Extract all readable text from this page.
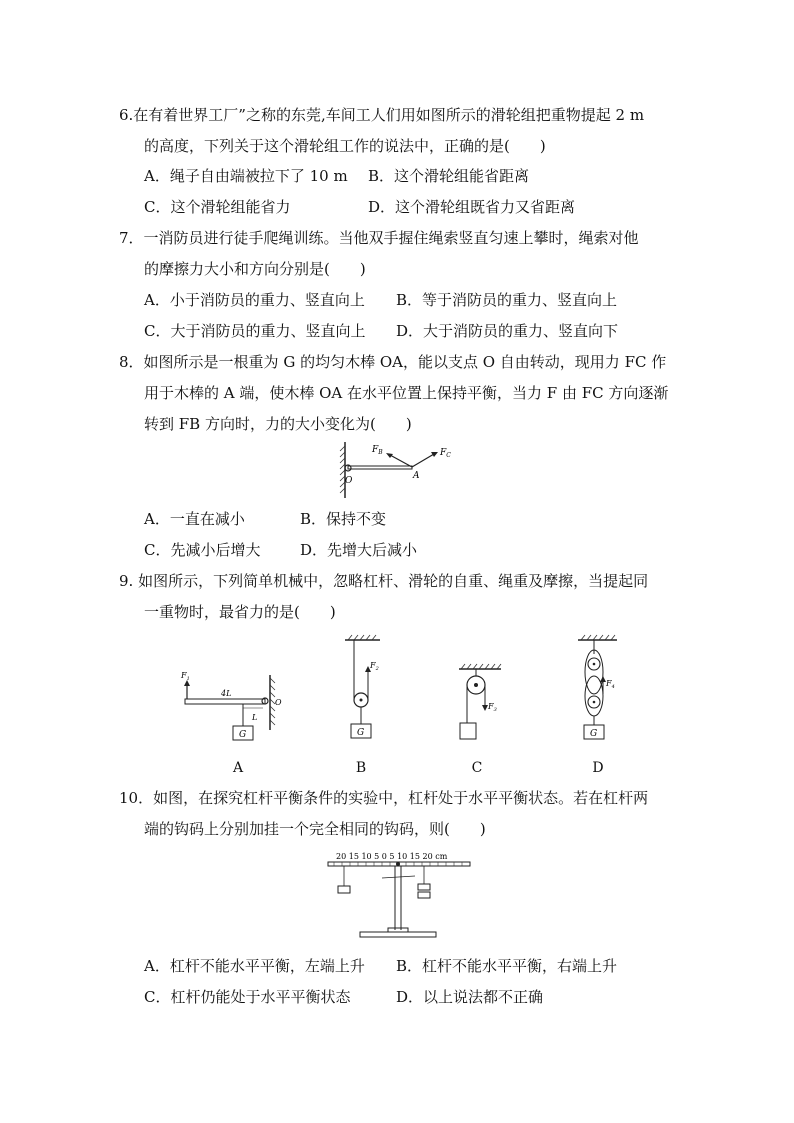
6.在有着世界工厂”之称的东莞,车间工人们用如图所示的滑轮组把重物提起 2 m
的高度，下列关于这个滑轮组工作的说法中，正确的是(　　)
A．绳子自由端被拉下了 10 m B．这个滑轮组能省距离
C．这个滑轮组能省力	D．这个滑轮组既省力又省距离
7．一消防员进行徒手爬绳训练。当他双手握住绳索竖直匀速上攀时，绳索对他
的摩擦力大小和方向分别是(　　)
A．小于消防员的重力、竖直向上 B．等于消防员的重力、竖直向上
C．大于消防员的重力、竖直向上 D．大于消防员的重力、竖直向下
8．如图所示是一根重为 G 的均匀木棒 OA，能以支点 O 自由转动，现用力 FC 作
用于木棒的 A 端，使木棒 OA 在水平位置上保持平衡，当力 F 由 FC 方向逐渐
转到 FB 方向时，力的大小变化为(　　)
$F_B$	$F_C$
O	A
A．一直在减小	B．保持不变
C．先减小后增大	D．先增大后减小
9. 如图所示，下列简单机械中，忽略杠杆、滑轮的自重、绳重及摩擦，当提起同
一重物时，最省力的是(　　)
G
$F_1$
4L
L
O
G
$F_2$
$F_3$
G
$F_4$
A	B	C	D
10．如图，在探究杠杆平衡条件的实验中，杠杆处于水平平衡状态。若在杠杆两
端的钩码上分别加挂一个完全相同的钩码，则(　　)
20 15 10 5 0 5 10 15 20 cm
A．杠杆不能水平平衡，左端上升 B．杠杆不能水平平衡，右端上升
C．杠杆仍能处于水平平衡状态	D．以上说法都不正确
